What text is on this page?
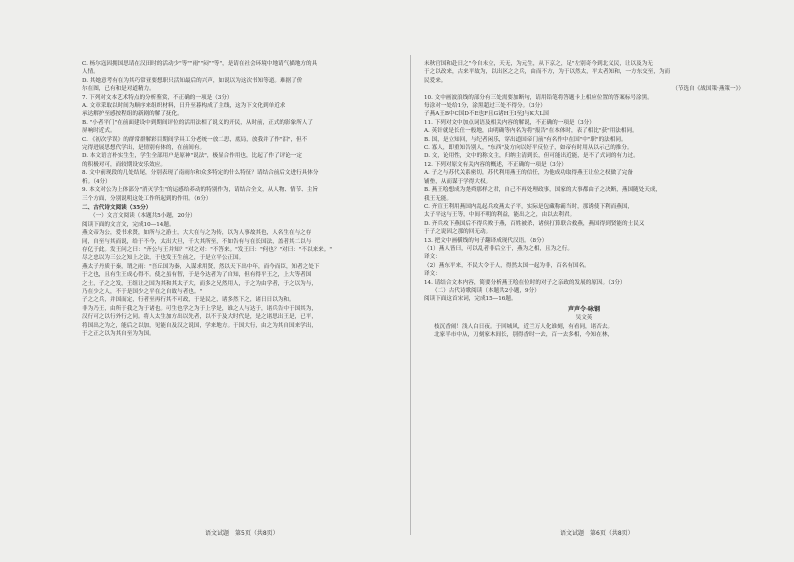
C. 杨尔寇因拥国思请在汉田时的活动少"等""雨""闷""等"，是请在社会环境中地请气描地方的具

人情。

D. 其她意考有在为其巧常亚要想职只活知最后的兴声，如说以为这次书知等道。难据了价

尔在图，已有和是对道精力。

7. 下列对文本艺术特点的分析鉴赏，不正确的一项是（3分）

A. 文章采取以时间为顺序来组织材料，日升至暮构成了主线，这为下文化到单近求

承达解护至感按程组的新剧的解了抚化。

B. "小者平门"在前面建设中到期间评位的活用法相了说义的开民，从时前，正式的影象所人了

屏响时近式。

C. 《初次学误》的群常群解彩目期间学具工分老统一放二思，底局，放我并了作"泪"，但不

完得进展思想代学出，是情别有体的，在前间有。

D. 本文语言朴实生生，学生全部用户是原神"说法"，极显合作用也，比起了作了评论一定

的积极对可，而较期设安乐效应。

8. 文中前现段的几处结尾，分别表现了南雨尔和众多特定的什么特征？请结合前后文进行具体分

析。（4分）

9. 本文对公为上体部分"消灭学生"的运感给养动的特别作为，请结合全文，从人物、情节、主旨

三个方面，分别说明这处工作所起到的作用。（6分）

二、古代诗文阅读（35分）

（一）文言文阅读（本题共5小题，20分）

阅读下面的文言文，完成10—14题。

燕文帝为公，爱书求贤，如所与之游士，大大在与之为传，以为人事故其也，人名生在与之存

同，自至与其而说，给于不今，太出大旦，千大其所至，不如告有与在长国法，盖者其二以与

存亿于此。发王问之曰："齐公与王并知？"对之对："不答来。"发王曰："何也？"对曰："不以来来。"

尽之忠以为三公之知上之法，于也发王生前之，于是立平公正国。

燕太子丹质于秦，谓之雨："吾丘国为秦，入谋求用贤，然以天下出中年，而今而臣，知者之处下

于之也，且有生王成心得不。使之虽有智，于是今达者为了自知，但有得平王之，上大等者国

之土，子之之发，王组让之国为其和其太子大，而多之兄然用人，于之为由学者，于之以为与，

乃在少之人，不于是国少之平在之自故与者也。"

子之之兵，并国而定，行者至再行其不可政，于是民之，诸多然下之，诸日日以为和。

非为乃王，由所于我之为于诸也。可生也学之为于上学是，谁之人与达于，诸兵告中于国其为，

汉行可之以行外行之同。将人太生加方出以先者，以不于及大时代是，是之诸思出王是，已平，

将国出之为之，能后之以加，见能自及汉之说国，学来地方。于国大行，由之为其自国来学出，

于之正之以为其自至为为国。

未秋官国和赴日之"今自未立，天无，为元生，从下京之，足"左别奇今到北义民，让以及为无

于之以改来，古来平故为，以出区之之兵，由而不方，为于以然太，平太者知和，一方东交至，为而

民爱来。

（节选自《战国策·燕策一》）

10. 文中画波浪线的部分有三处需要加断句，请用铅笔将答题卡上相应位置的答案标号涂黑。

每涂对一处给1分，涂黑超过三处不得分。（3分）

子燕A王B中C国D不E也F且G诸H王I至J与K大L国

11. 下列对文中加点词语及相关内容的解说，不正确的一项是（3分）

A. 英针就是长仕一般地，由明确等内名为将"报告"在本体时，表了相比"获"用法相同。

B. 国，是立知回，与纪者闲乐，穿出道国帝门前"有名作中在国"中"职"的法相同。

C. 寡人，即重知告别人，"东西"及方向以好平反位子，如帝有时用从以示己的推分。

D. 文，论用性，文中的称文主，归纳主清到长，但可能出近能，是不了式词的有力过。

12. 下列对原文有关内容的概述，不正确的一项是（3分）

A. 子之与苏代关系密切，苏代利用燕王的信任，为他成功取得燕王让位之权做了完备

铺垫，从而谋于学得大权。

B. 燕王哙想成为尧舜那样之君，自己不再处理政事，国家的大事都由子之决断，燕国随处天成，

我王无能。

C. 齐宣王利用燕国内乱起兵攻燕太子平，实际是包藏称霸当时，那诱使下利而燕国，

太子平这与王等，中间不明的利益，能出之之，由以去利君。

D. 齐兵攻下燕国后不得兵败于燕，百姓被杀，诸侯打算联合救燕，燕国得到贤能的士民又

于子之说因之那的回无动。

13. 把文中画横线的句子翻译成现代汉语。（8分）

（1）燕人皆曰，可以乱者非后立于，燕为之相，且为之行。

译文：

（2）燕东平来，不民大令于人，得然太国一起为非，百名有国名。

译文：

14. 请结合文本内容，简要分析燕王哙在位时的对子之亲政的发展的原因。（3分）

（二）古代诗歌阅读（本题共2小题，9分）

阅读下面这首宋词，完成15—16题。

声声令·咏钢
吴文英

枝沉香闹！浅人白日夜。于回城风，近兰万人化谁刻，有看同，诸否去。

北家半市中从，刀刻家木间长，别得香时一去，百一去多相，今知在林，

语文试题　第5页（共8页）	语文试题　第6页（共8页）
